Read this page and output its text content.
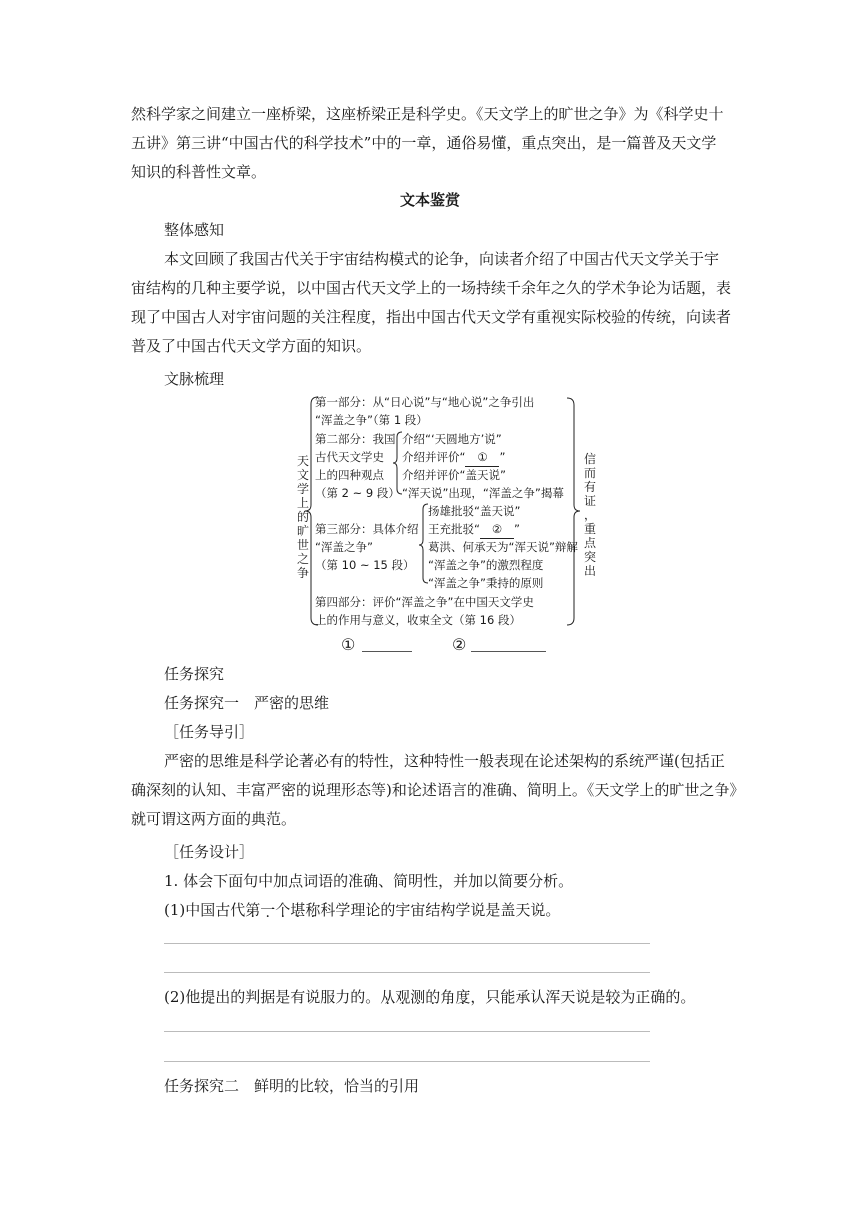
然科学家之间建立一座桥梁，这座桥梁正是科学史。《天文学上的旷世之争》为《科学史十
五讲》第三讲“中国古代的科学技术”中的一章，通俗易懂，重点突出，是一篇普及天文学
知识的科普性文章。
文本鉴赏
整体感知
本文回顾了我国古代关于宇宙结构模式的论争，向读者介绍了中国古代天文学关于宇
宙结构的几种主要学说，以中国古代天文学上的一场持续千余年之久的学术争论为话题，表
现了中国古人对宇宙问题的关注程度，指出中国古代天文学有重视实际校验的传统，向读者
普及了中国古代天文学方面的知识。
文脉梳理
天
文
学
上
的
旷
世
之
争
信
而
有
证
，
重
点
突
出
第一部分：从“日心说”与“地心说”之争引出
“浑盖之争”（第 1 段）
第二部分：我国
古代天文学史
上的四种观点
（第 2 ~ 9 段）
介绍“‘天圆地方’说”
介绍并评价“ ① ”
介绍并评价“盖天说”
“浑天说”出现，“浑盖之争”揭幕
扬雄批驳“盖天说”
第三部分：具体介绍 王充批驳“ ② ”
葛洪、何承天为“浑天说”辩解
“浑盖之争”
（第 10 ~ 15 段） “浑盖之争”的激烈程度
“浑盖之争”秉持的原则
第四部分：评价“浑盖之争”在中国天文学史
上的作用与意义，收束全文（第 16 段）
①	②
任务探究
任务探究一　严密的思维
［任务导引］
严密的思维是科学论著必有的特性，这种特性一般表现在论述架构的系统严谨(包括正
确深刻的认知、丰富严密的说理形态等)和论述语言的准确、简明上。《天文学上的旷世之争》
就可谓这两方面的典范。
［任务设计］
1. 体会下面句中加点词语的准确、简明性，并加以简要分析。
(1)中国古代第 ·一 ·个 ·堪 ·称 ·科学理论的宇宙结构学说是盖天说。
(2)他提出的判据是有说服力的。从 ·观 ·测 ·的 ·角 ·度 ·，只能承认浑天说是较 ·为正确的。
任务探究二　鲜明的比较，恰当的引用
